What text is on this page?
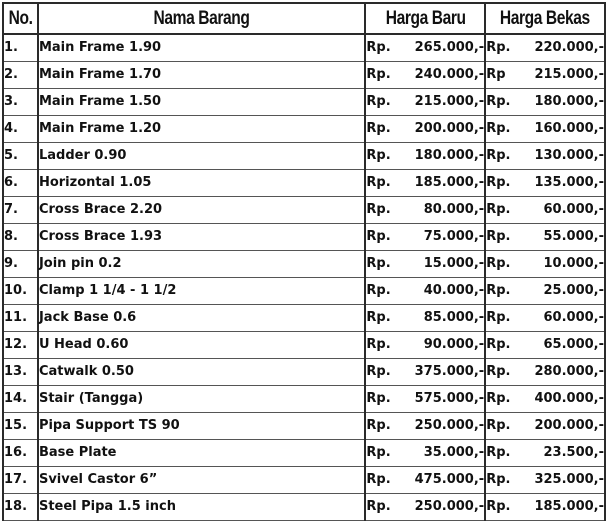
No.	Nama Barang	Harga Baru	Harga Bekas
1.	Main Frame 1.90	Rp. 265.000,-	Rp. 220.000,-

2.	Main Frame 1.70	Rp. 240.000,-	Rp 215.000,-

3.	Main Frame 1.50	Rp. 215.000,-	Rp. 180.000,-

4.	Main Frame 1.20	Rp. 200.000,-	Rp. 160.000,-

5.	Ladder 0.90	Rp. 180.000,-	Rp. 130.000,-

6.	Horizontal 1.05	Rp. 185.000,-	Rp. 135.000,-

7.	Cross Brace 2.20	Rp. 80.000,-	Rp. 60.000,-

8.	Cross Brace 1.93	Rp. 75.000,-	Rp. 55.000,-

9.	Join pin 0.2	Rp. 15.000,-	Rp. 10.000,-

10.	Clamp 1 1/4 - 1 1/2	Rp. 40.000,-	Rp. 25.000,-

11.	Jack Base 0.6	Rp. 85.000,-	Rp. 60.000,-

12.	U Head 0.60	Rp. 90.000,-	Rp. 65.000,-

13.	Catwalk 0.50	Rp. 375.000,-	Rp. 280.000,-

14.	Stair (Tangga)	Rp. 575.000,-	Rp. 400.000,-

15.	Pipa Support TS 90	Rp. 250.000,-	Rp. 200.000,-

16.	Base Plate	Rp. 35.000,-	Rp. 23.500,-

17.	Svivel Castor 6”	Rp. 475.000,-	Rp. 325.000,-

18.	Steel Pipa 1.5 inch	Rp. 250.000,-	Rp. 185.000,-
